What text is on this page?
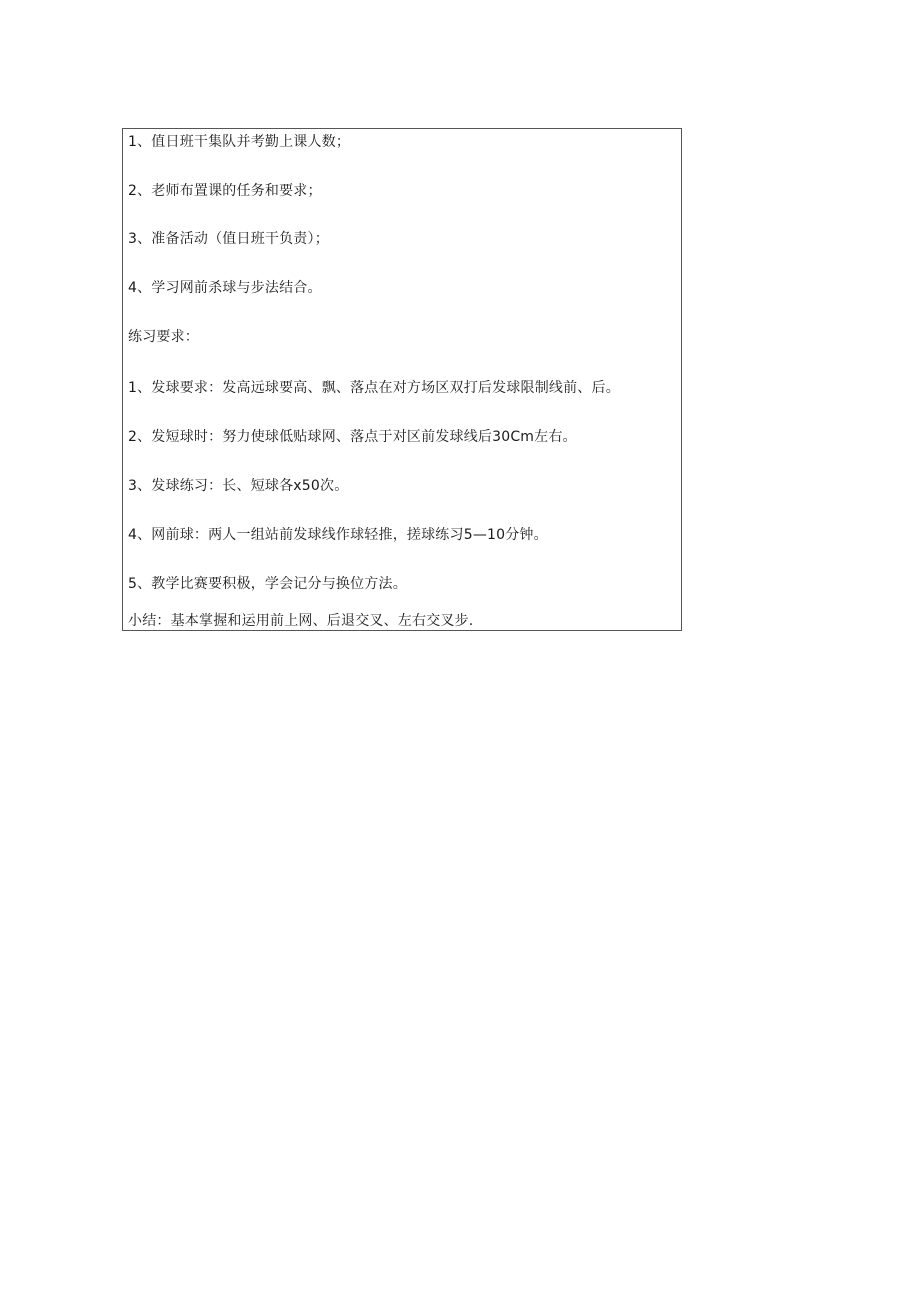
1、值日班干集队并考勤上课人数；
2、老师布置课的任务和要求；
3、准备活动（值日班干负责）；
4、学习网前杀球与步法结合。
练习要求：
1、发球要求：发高远球要高、飘、落点在对方场区双打后发球限制线前、后。
2、发短球时：努力使球低贴球网、落点于对区前发球线后30Cm左右。
3、发球练习：长、短球各x50次。
4、网前球：两人一组站前发球线作球轻推，搓球练习5—10分钟。
5、教学比赛要积极，学会记分与换位方法。
小结：基本掌握和运用前上网、后退交叉、左右交叉步.
